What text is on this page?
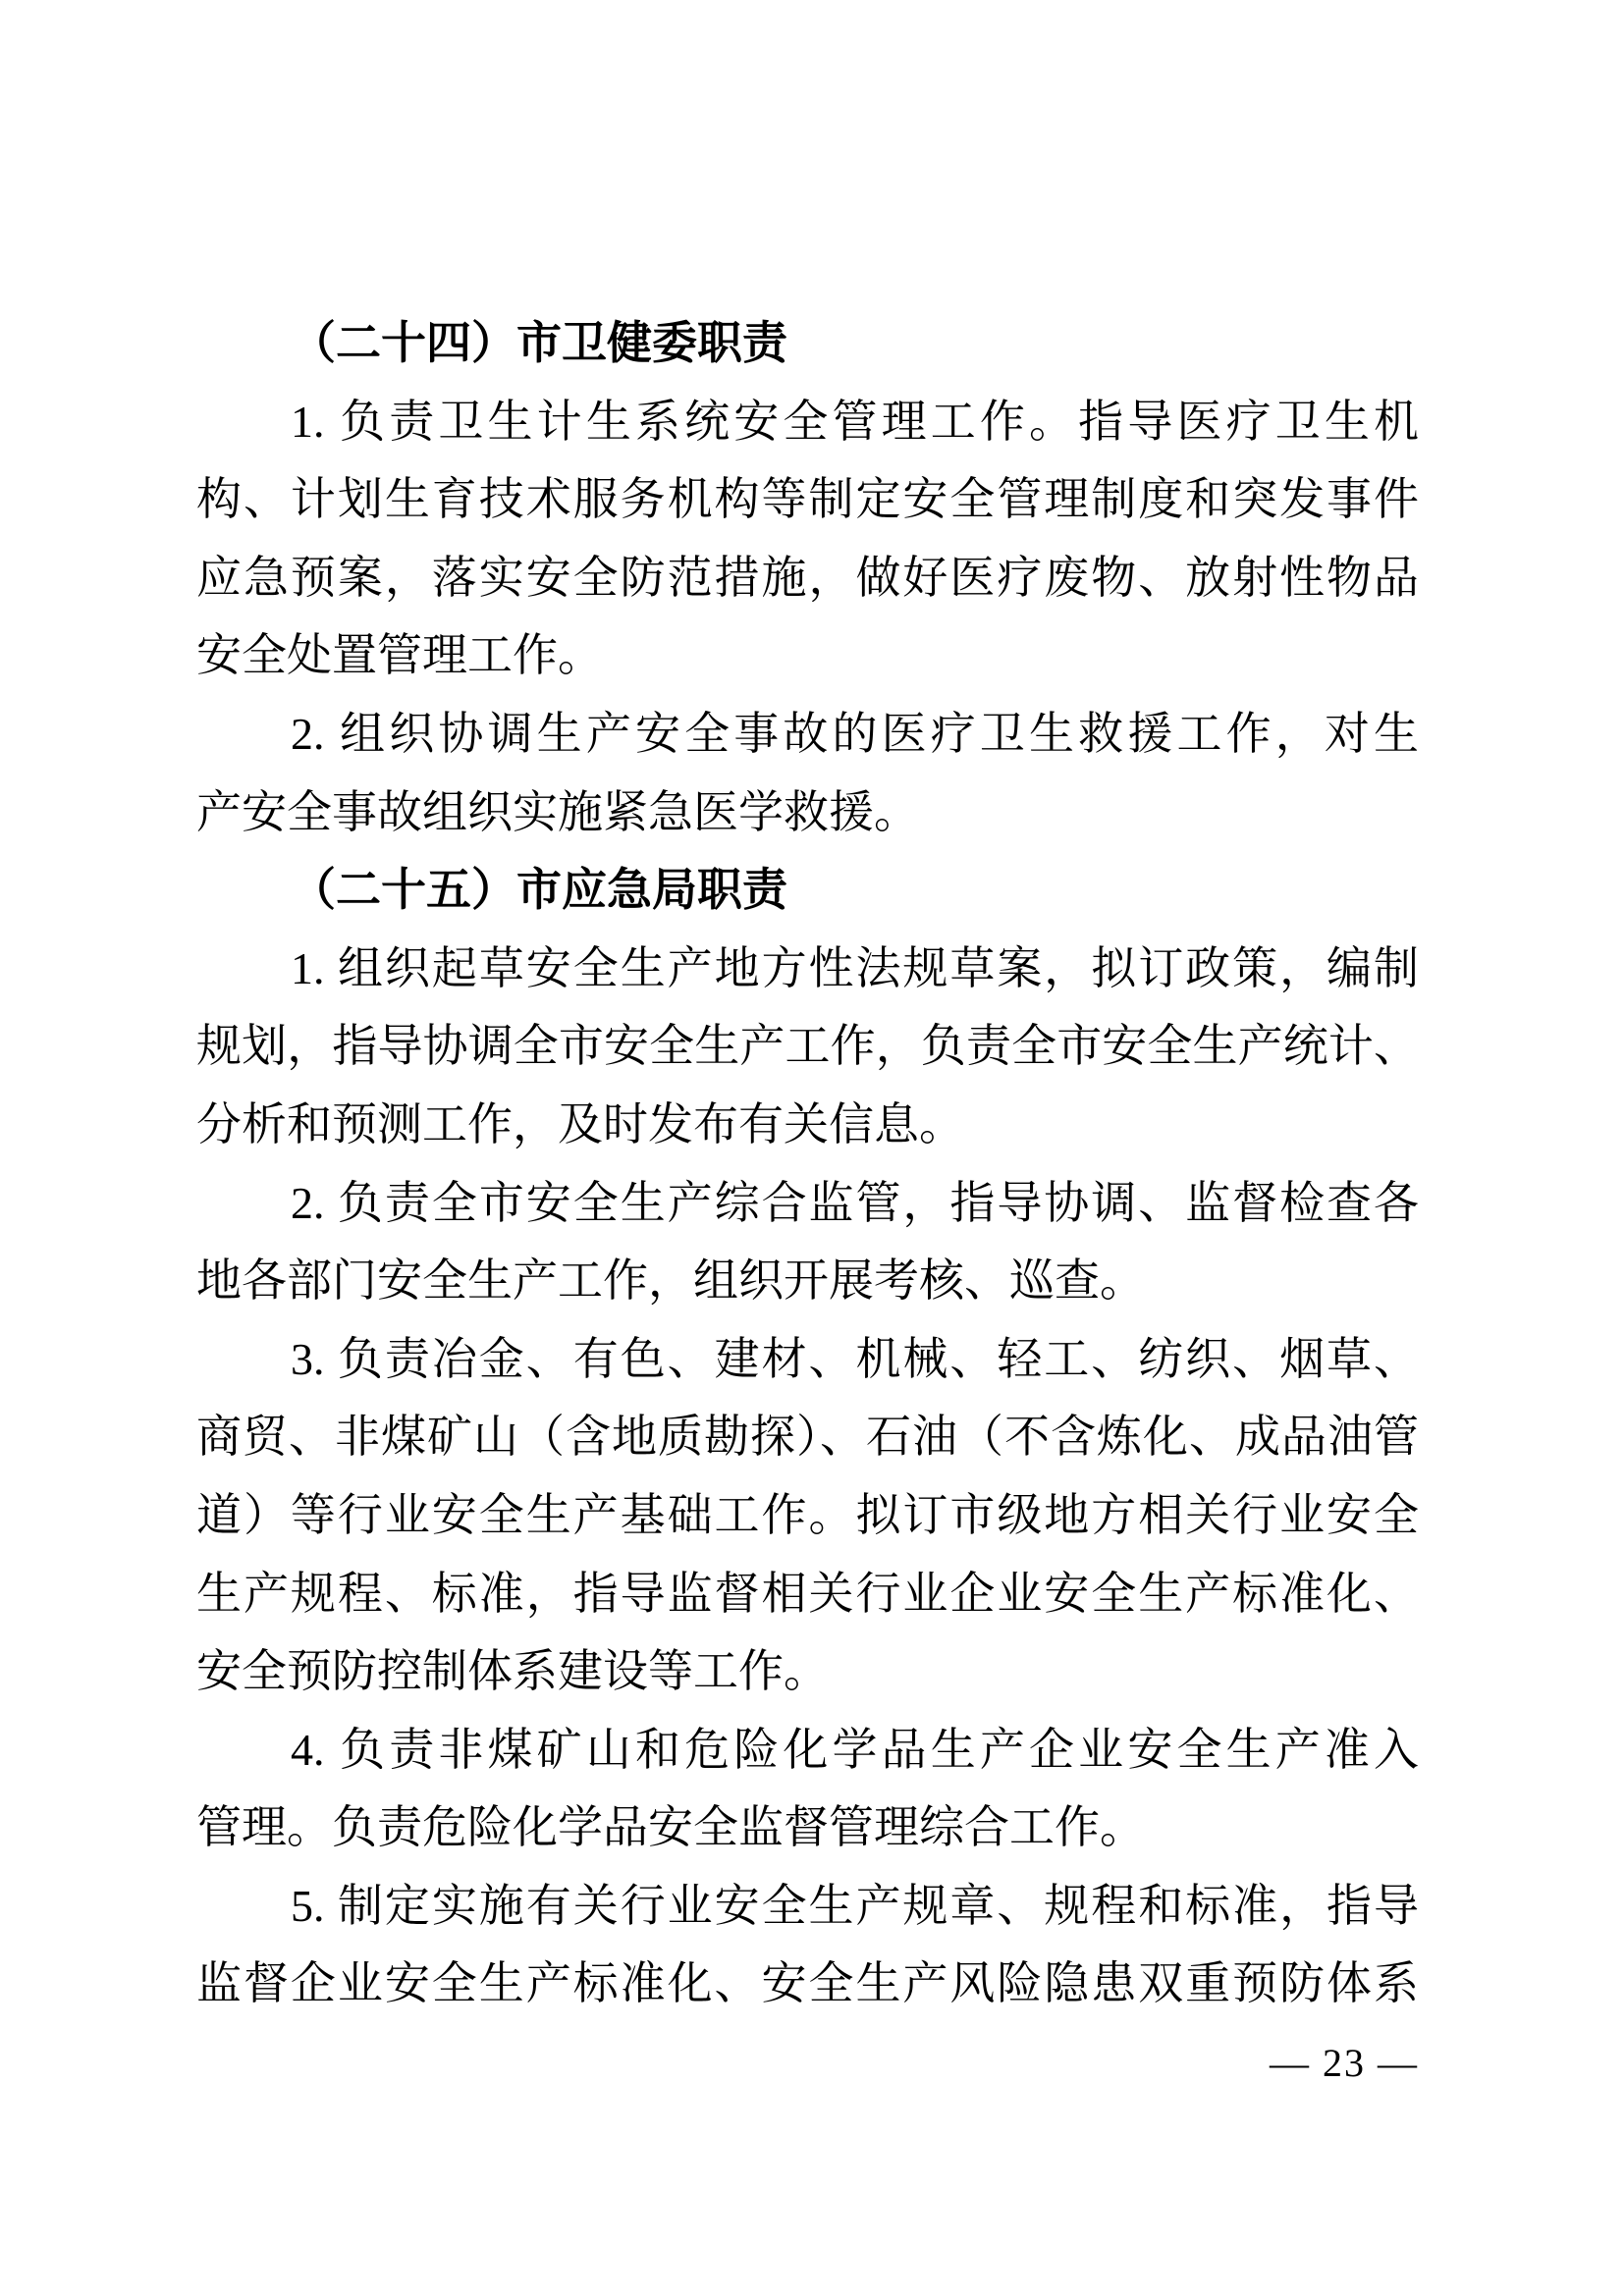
（二十四）市卫健委职责
1. 负责卫生计生系统安全管理工作。指导医疗卫生机
构、计划生育技术服务机构等制定安全管理制度和突发事件
应急预案，落实安全防范措施，做好医疗废物、放射性物品
安全处置管理工作。
2. 组织协调生产安全事故的医疗卫生救援工作，对生
产安全事故组织实施紧急医学救援。
（二十五）市应急局职责
1. 组织起草安全生产地方性法规草案，拟订政策，编制
规划，指导协调全市安全生产工作，负责全市安全生产统计、
分析和预测工作，及时发布有关信息。
2. 负责全市安全生产综合监管，指导协调、监督检查各
地各部门安全生产工作，组织开展考核、巡查。
3. 负责冶金、有色、建材、机械、轻工、纺织、烟草、
商贸、非煤矿山（含地质勘探）、石油（不含炼化、成品油管
道）等行业安全生产基础工作。拟订市级地方相关行业安全
生产规程、标准，指导监督相关行业企业安全生产标准化、
安全预防控制体系建设等工作。
4. 负责非煤矿山和危险化学品生产企业安全生产准入
管理。负责危险化学品安全监督管理综合工作。
5. 制定实施有关行业安全生产规章、规程和标准，指导
监督企业安全生产标准化、安全生产风险隐患双重预防体系
— 23 —
